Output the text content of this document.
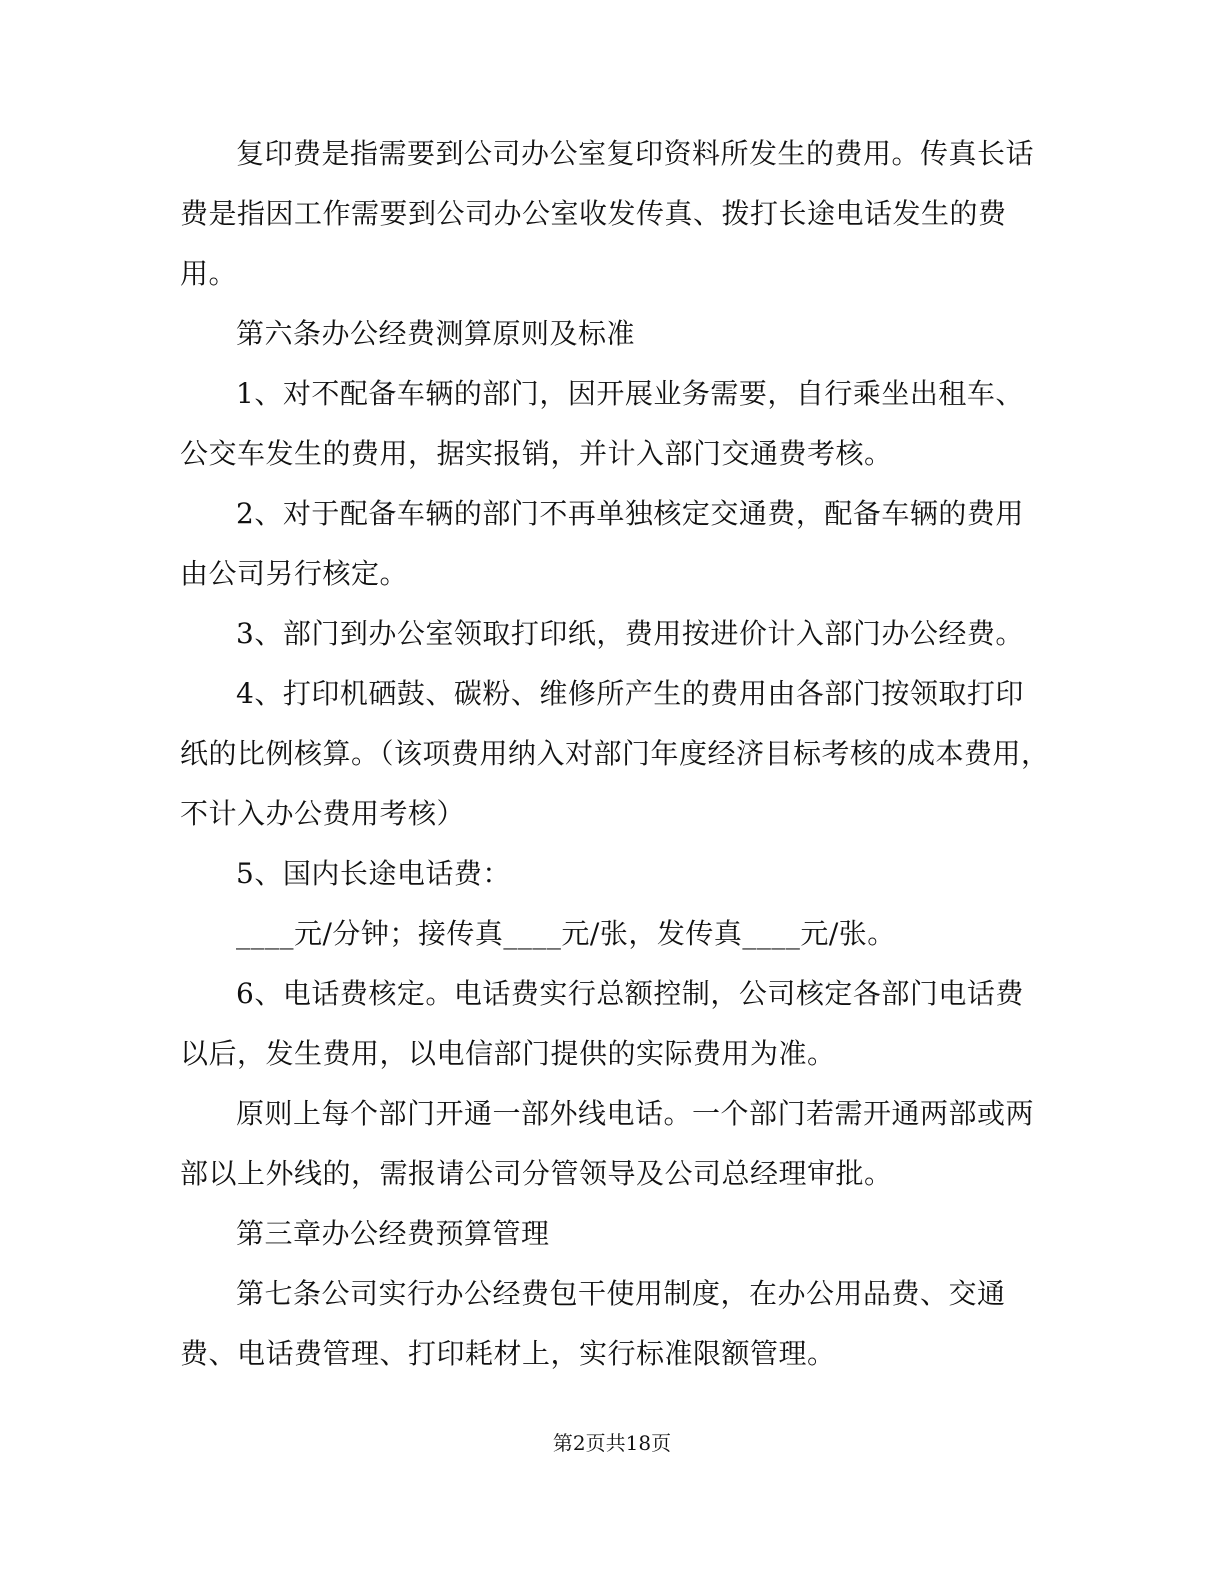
复印费是指需要到公司办公室复印资料所发生的费用。传真长话费是指因工作需要到公司办公室收发传真、拨打长途电话发生的费用。

第六条办公经费测算原则及标准

1、对不配备车辆的部门，因开展业务需要，自行乘坐出租车、公交车发生的费用，据实报销，并计入部门交通费考核。

2、对于配备车辆的部门不再单独核定交通费，配备车辆的费用由公司另行核定。

3、部门到办公室领取打印纸，费用按进价计入部门办公经费。

4、打印机硒鼓、碳粉、维修所产生的费用由各部门按领取打印纸的比例核算。（该项费用纳入对部门年度经济目标考核的成本费用，不计入办公费用考核）

5、国内长途电话费：

____元/分钟；接传真____元/张，发传真____元/张。

6、电话费核定。电话费实行总额控制，公司核定各部门电话费以后，发生费用，以电信部门提供的实际费用为准。

原则上每个部门开通一部外线电话。一个部门若需开通两部或两部以上外线的，需报请公司分管领导及公司总经理审批。

第三章办公经费预算管理

第七条公司实行办公经费包干使用制度，在办公用品费、交通费、电话费管理、打印耗材上，实行标准限额管理。

第2页共18页
